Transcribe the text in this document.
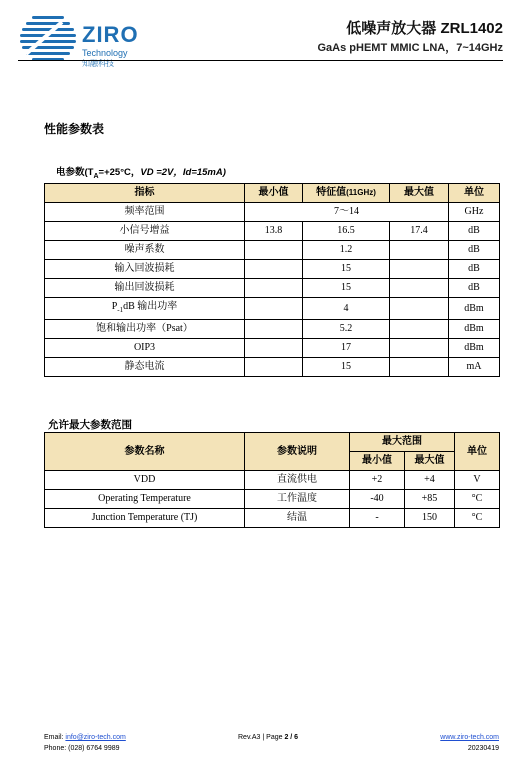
ZIRO
Technology
知融科技
低噪声放大器 ZRL1402
GaAs pHEMT MMIC LNA，7~14GHz
性能参数表
电参数($T_A=+25^\circ C$，VD =2V，Id=15mA)
指标	最小值	特征值(11GHz)	最大值	单位
频率范围	7～14			GHz
小信号增益	13.8	16.5	17.4	dB
噪声系数		1.2		dB
输入回波损耗		15		dB
输出回波损耗		15		dB
$P_{-1}dB$ 输出功率		4		dBm
饱和输出功率（Psat）		5.2		dBm
OIP3		17		dBm
静态电流		15		mA
允许最大参数范围
参数名称	参数说明	最大范围		单位
		最小值	最大值	
VDD	直流供电	+2	+4	V
Operating Temperature	工作温度	-40	+85	°C
Junction Temperature (TJ)	结温	-	150	°C
Email: info@ziro-tech.com
Phone: (028) 6764 9989
Rev.A3 | Page 2 / 6	www.ziro-tech.com
20230419
